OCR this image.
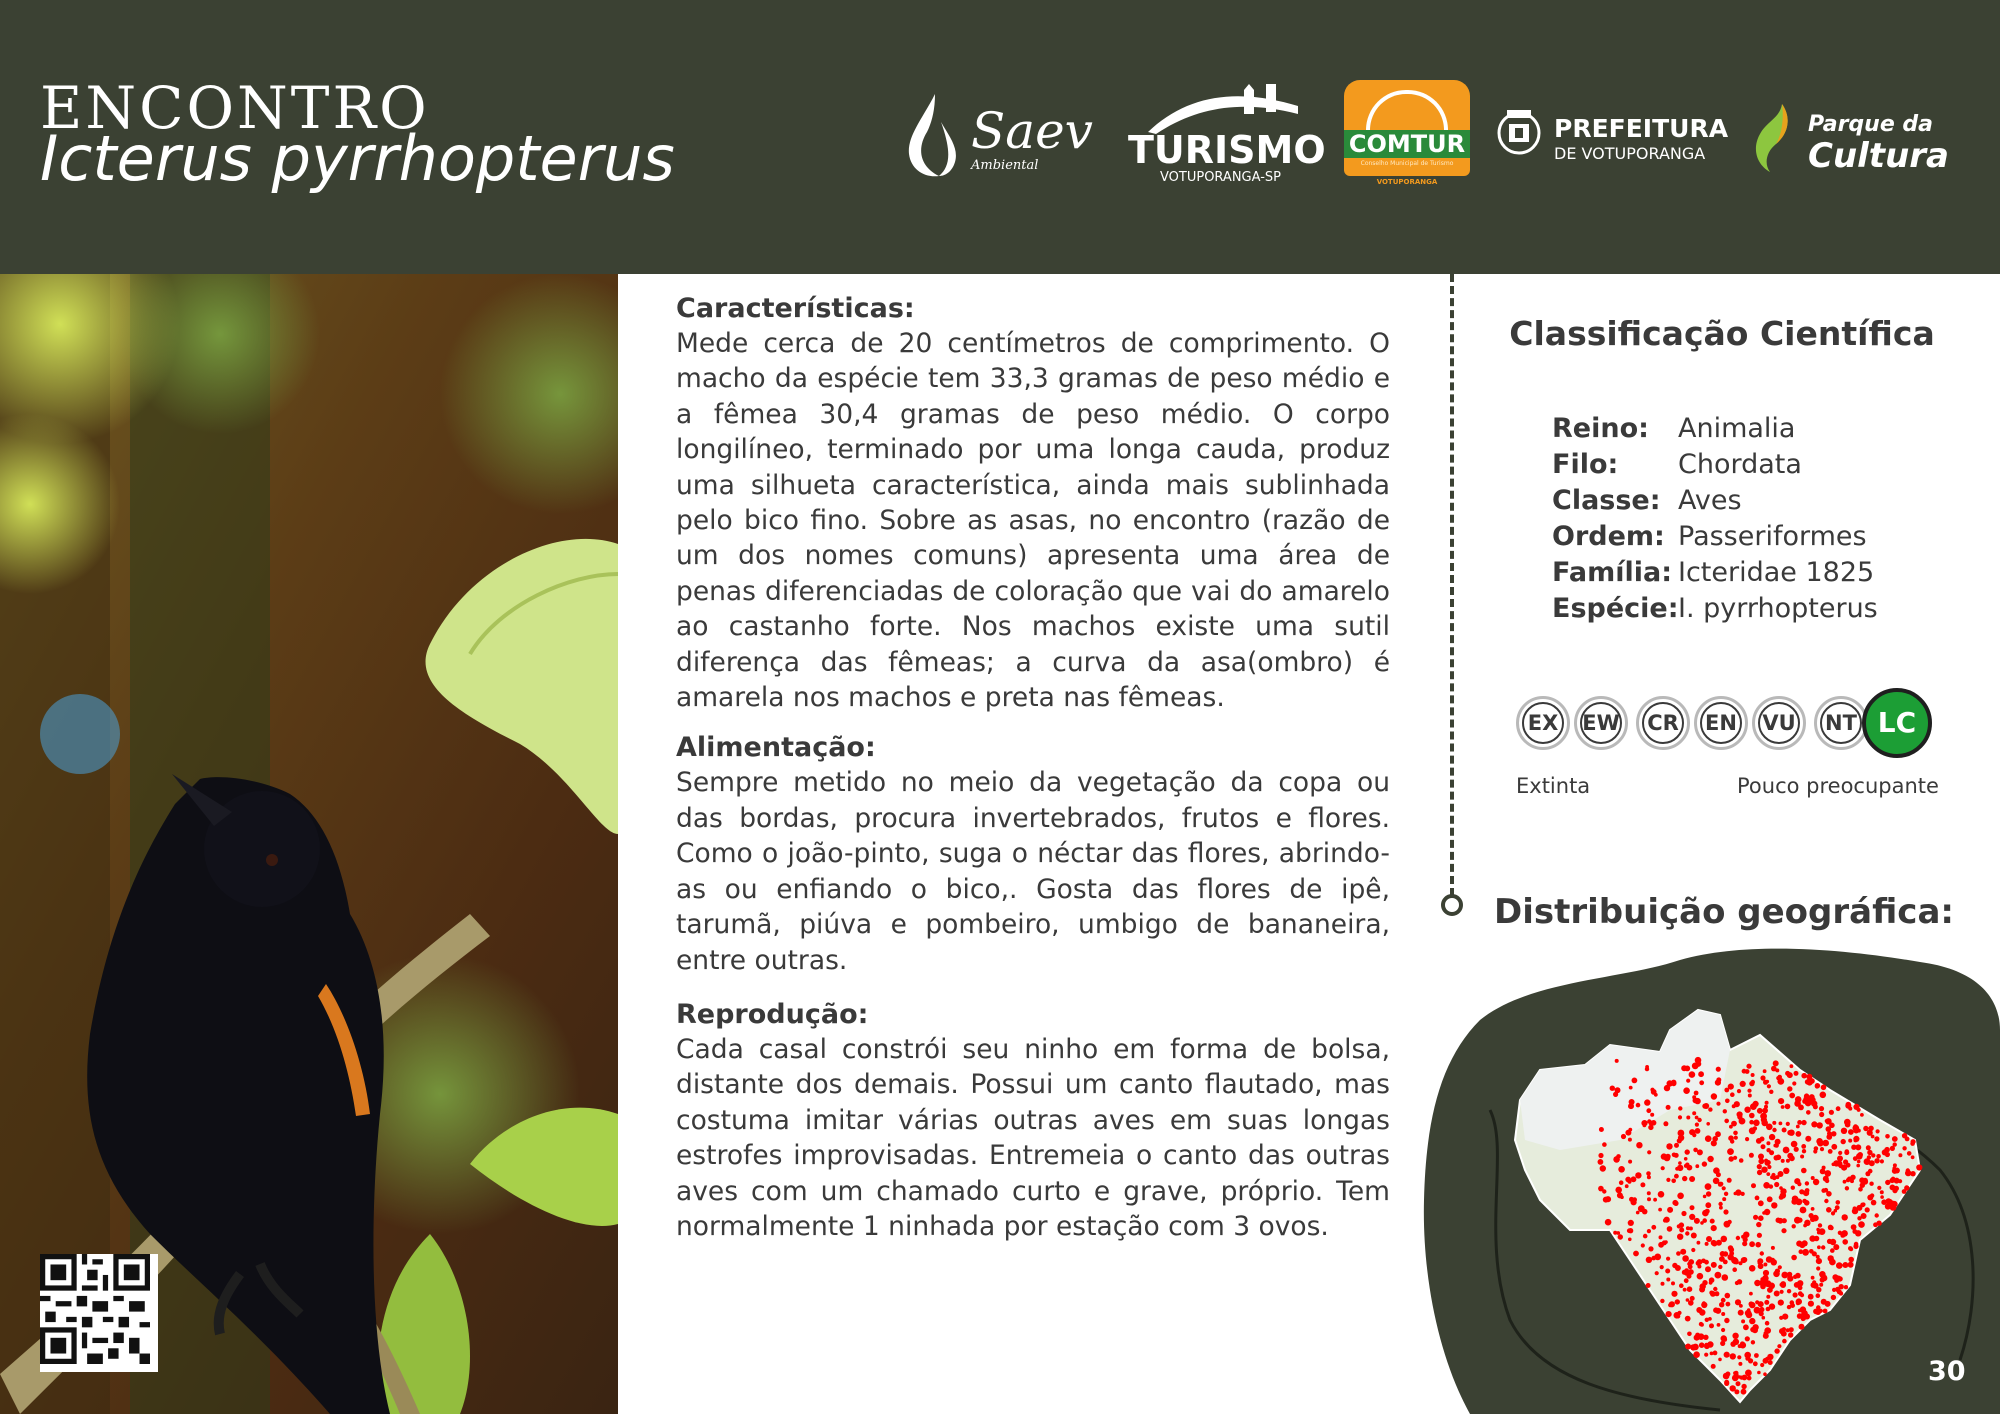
ENCONTRO
Icterus pyrrhopterus	Saev
Ambiental TURISMO
VOTUPORANGA-SP
COMTUR
Conselho Municipal de Turismo
VOTUPORANGA
PREFEITURA
DE VOTUPORANGA
Parque da
Cultura
Características:
Mede cerca de 20 centímetros de comprimento. O macho da espécie tem 33,3 gramas de peso médio e a fêmea 30,4 gramas de peso médio. O corpo longilíneo, terminado por uma longa cauda, produz uma silhueta característica, ainda mais sublinhada pelo bico fino. Sobre as asas, no encontro (razão de um dos nomes comuns) apresenta uma área de penas diferenciadas de coloração que vai do amarelo ao castanho forte. Nos machos existe uma sutil diferença das fêmeas; a curva da asa(ombro) é amarela nos machos e preta nas fêmeas.
Alimentação:
Sempre metido no meio da vegetação da copa ou das bordas, procura invertebrados, frutos e flores. Como o joão-pinto, suga o néctar das flores, abrindo-as ou enfiando o bico,. Gosta das flores de ipê, tarumã, piúva e pombeiro, umbigo de bananeira, entre outras.
Reprodução:
Cada casal constrói seu ninho em forma de bolsa, distante dos demais. Possui um canto flautado, mas costuma imitar várias outras aves em suas longas estrofes improvisadas. Entremeia o canto das outras aves com um chamado curto e grave, próprio. Tem normalmente 1 ninhada por estação com 3 ovos.
Classificação Científica
Reino:	Animalia
Filo:	Chordata
Classe: Aves
Ordem: Passeriformes
Família: Icteridae 1825
Espécie: I. pyrrhopterus
EX	EW	CR	EN	VU	NT LC
Extinta	Pouco preocupante
Distribuição geográfica:
30
